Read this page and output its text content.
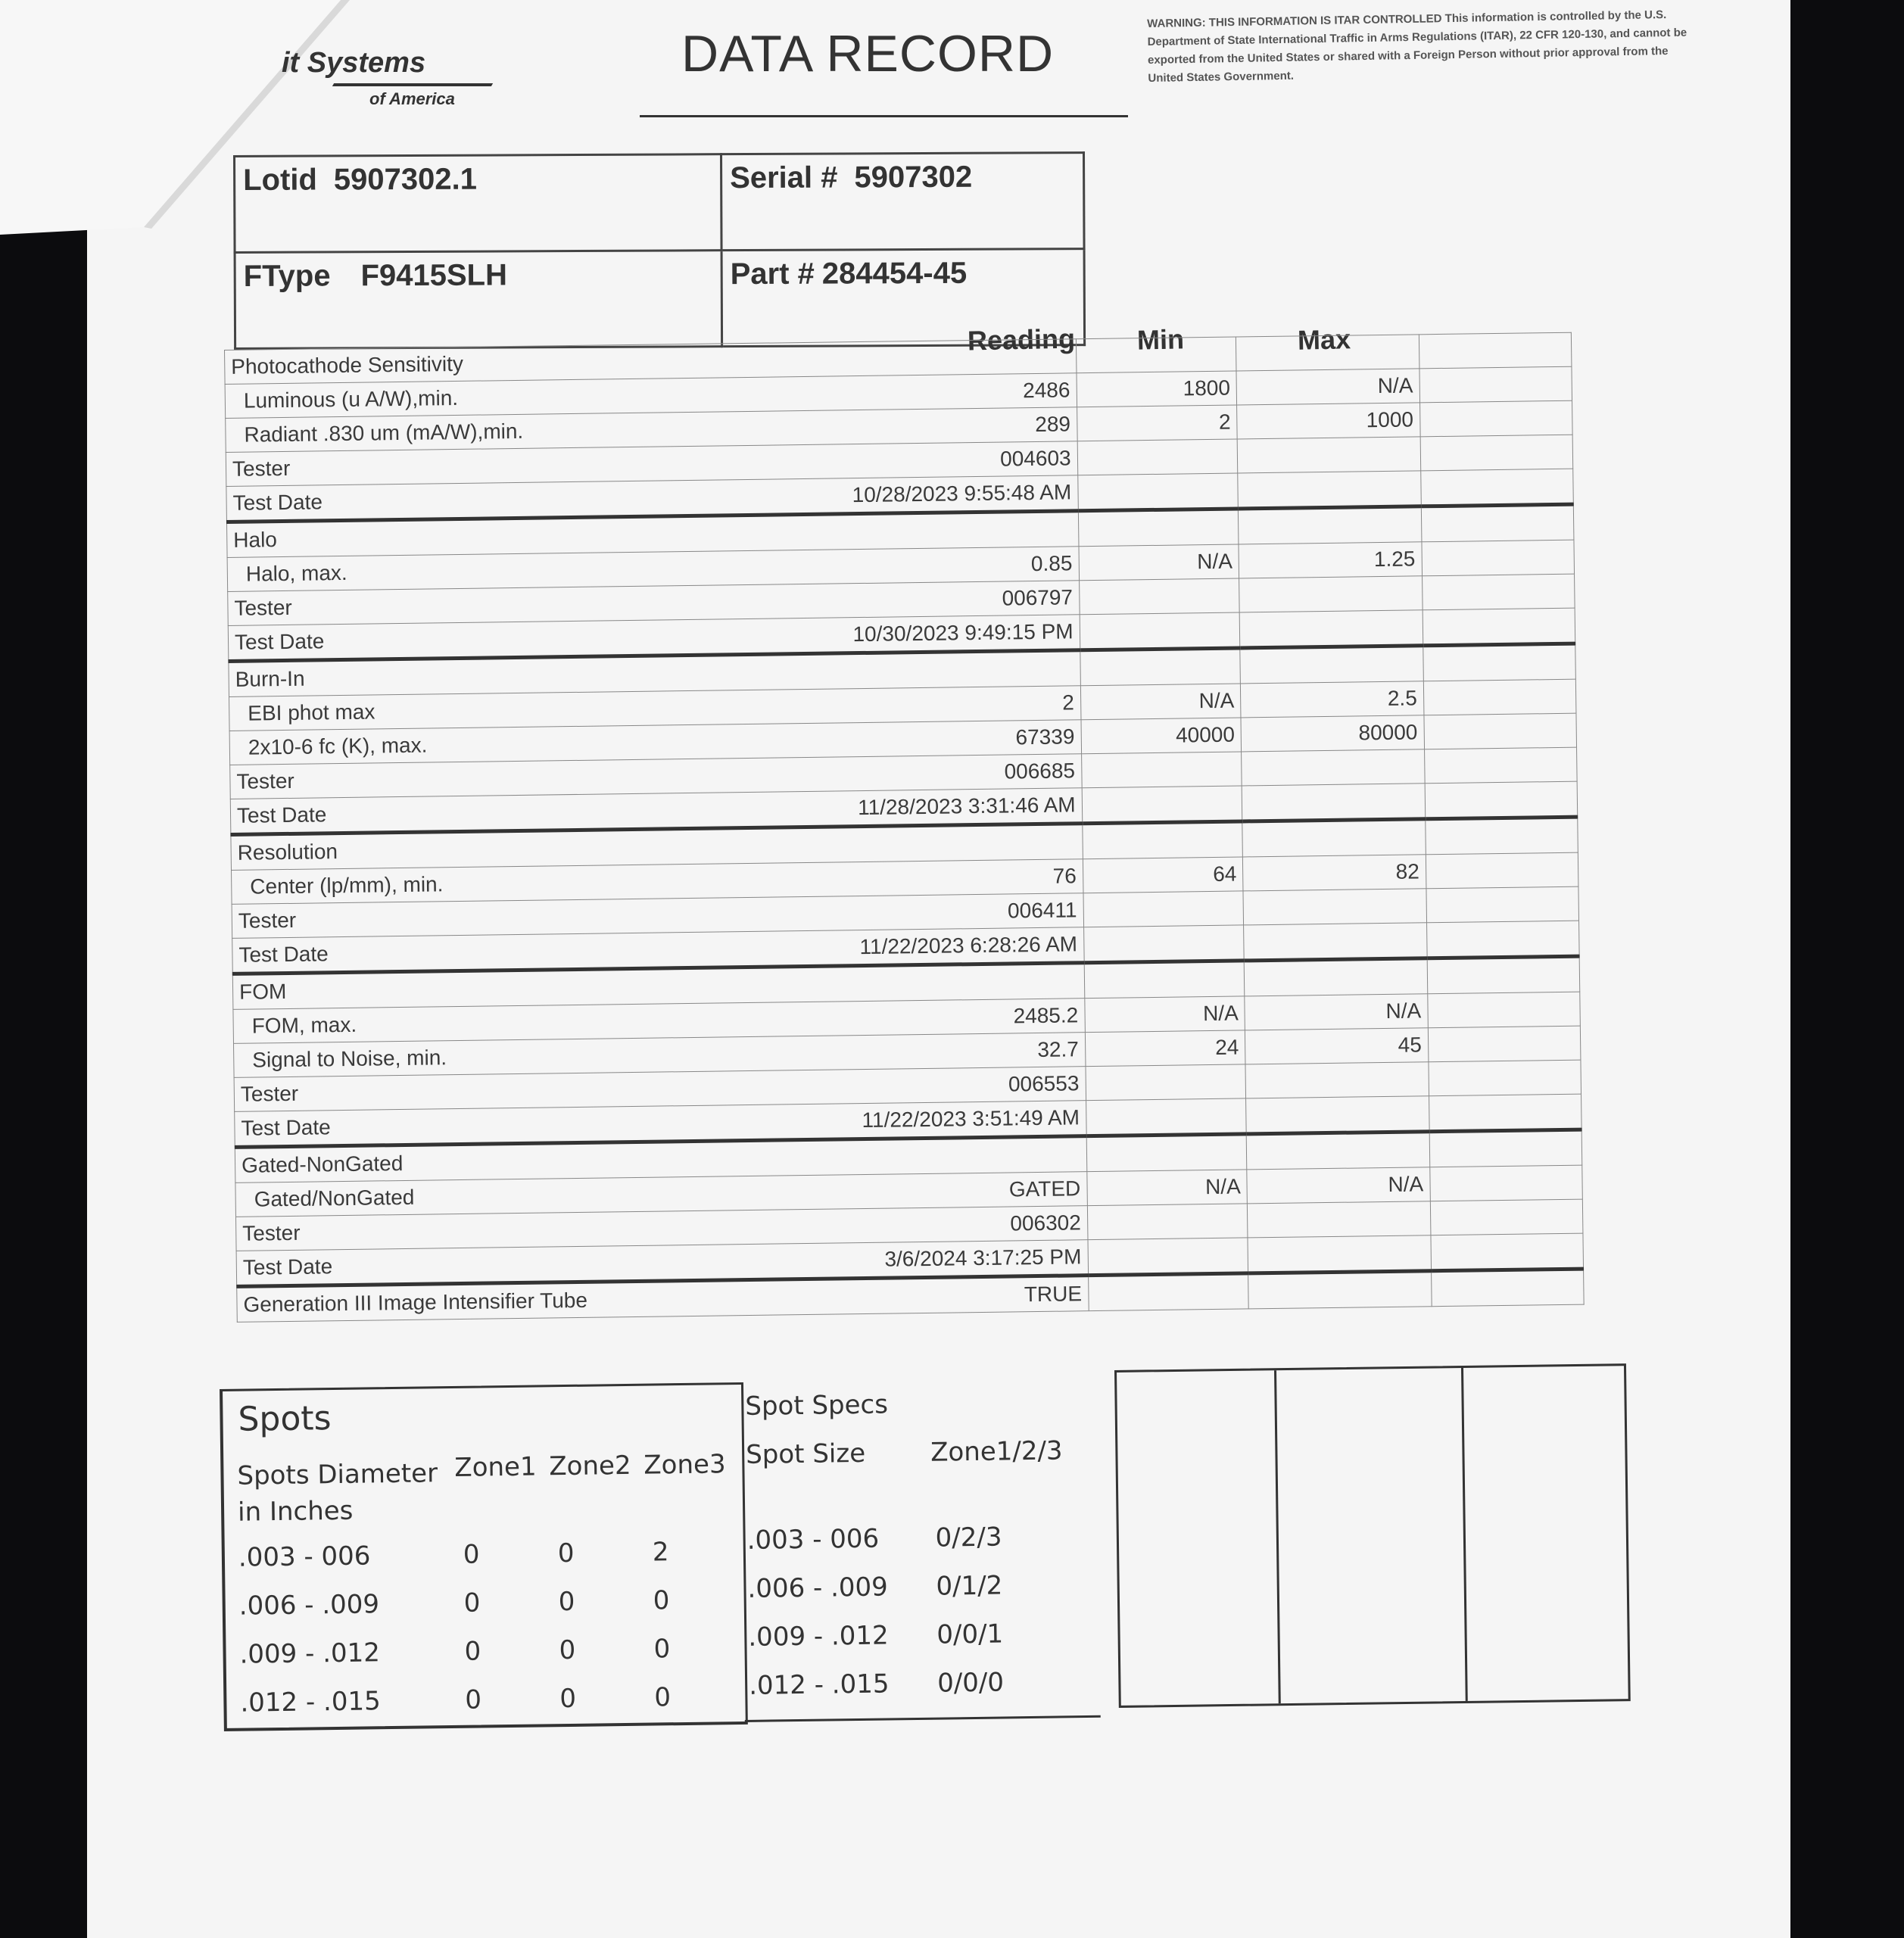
it Systems
of America
DATA RECORD
WARNING: THIS INFORMATION IS ITAR CONTROLLED This information is controlled by the U.S. Department of State International Traffic in Arms Regulations (ITAR), 22 CFR 120-130, and cannot be exported from the United States or shared with a Foreign Person without prior approval from the United States Government.
Lotid 5907302.1	Serial # 5907302
FType F9415SLH	Part # 284454-45
Reading Min	Max
Photocathode Sensitivity

Luminous (u A/W),min. 2486	1800	N/A	
Radiant .830 um (mA/W),min. 289	2	1000	
Tester 004603			

Test Date 10/28/2023 9:55:48 AM			

Halo

Halo, max. 0.85	N/A	1.25	
Tester 006797			

Test Date 10/30/2023 9:49:15 PM			

Burn-In

EBI phot max 2	N/A	2.5	
2x10-6 fc (K), max. 67339	40000	80000	
Tester 006685			

Test Date 11/28/2023 3:31:46 AM			

Resolution

Center (lp/mm), min. 76	64	82	
Tester 006411			

Test Date 11/22/2023 6:28:26 AM			

FOM

FOM, max. 2485.2	N/A	N/A	
Signal to Noise, min. 32.7	24	45	
Tester 006553			

Test Date 11/22/2023 3:51:49 AM			

Gated-NonGated

Gated/NonGated GATED	N/A	N/A	
Tester 006302			

Test Date 3/6/2024 3:17:25 PM			

Generation III Image Intensifier Tube TRUE			

Spots
Spots Diameter
in Inches
Zone1 Zone2 Zone3
.003 - 006	0	0	2
.006 - .009	0	0	0
.009 - .012	0	0	0
.012 - .015	0	0	0
Spot Specs
Spot Size	Zone1/2/3
.003 - 006 0/2/3
.006 - .009 0/1/2
.009 - .012 0/0/1
.012 - .015 0/0/0
